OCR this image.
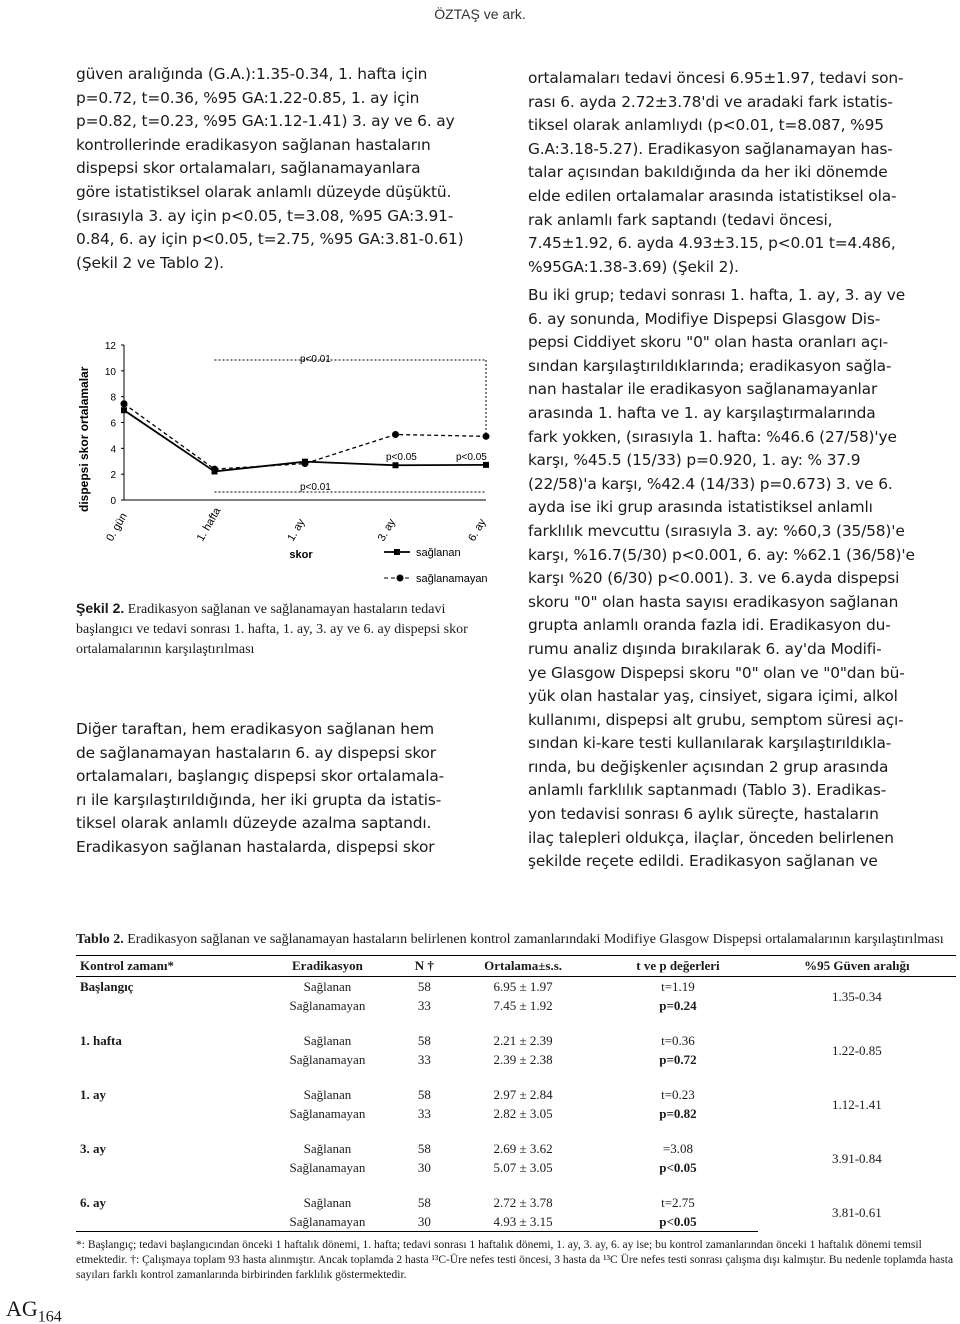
ÖZTAŞ ve ark.

güven aralığında (G.A.):1.35-0.34, 1. hafta için

p=0.72, t=0.36, %95 GA:1.22-0.85, 1. ay için

p=0.82, t=0.23, %95 GA:1.12-1.41) 3. ay ve 6. ay

kontrollerinde eradikasyon sağlanan hastaların

dispepsi skor ortalamaları, sağlanamayanlara

göre istatistiksel olarak anlamlı düzeyde düşüktü.

(sırasıyla 3. ay için p<0.05, t=3.08, %95 GA:3.91-

0.84, 6. ay için p<0.05, t=2.75, %95 GA:3.81-0.61)

(Şekil 2 ve Tablo 2).

12
10
8
6
4
2
0
dispepsi skor ortalamalar
0. gün	1. hafta	1. ay	3. ay	6. ay
skor
p<0.01
p<0.01
p<0.05	p<0.05
sağlanan
sağlanamayan
Şekil 2. Eradikasyon sağlanan ve sağlanamayan hastaların tedavi başlangıcı ve tedavi sonrası 1. hafta, 1. ay, 3. ay ve 6. ay dispepsi skor ortalamalarının karşılaştırılması

Diğer taraftan, hem eradikasyon sağlanan hem

de sağlanamayan hastaların 6. ay dispepsi skor

ortalamaları, başlangıç dispepsi skor ortalamala-

rı ile karşılaştırıldığında, her iki grupta da istatis-

tiksel olarak anlamlı düzeyde azalma saptandı.

Eradikasyon sağlanan hastalarda, dispepsi skor

ortalamaları tedavi öncesi 6.95±1.97, tedavi son-

rası 6. ayda 2.72±3.78'di ve aradaki fark istatis-

tiksel olarak anlamlıydı (p<0.01, t=8.087, %95

G.A:3.18-5.27). Eradikasyon sağlanamayan has-

talar açısından bakıldığında da her iki dönemde

elde edilen ortalamalar arasında istatistiksel ola-

rak anlamlı fark saptandı (tedavi öncesi,

7.45±1.92, 6. ayda 4.93±3.15, p<0.01 t=4.486,

%95GA:1.38-3.69) (Şekil 2).

Bu iki grup; tedavi sonrası 1. hafta, 1. ay, 3. ay ve

6. ay sonunda, Modifiye Dispepsi Glasgow Dis-

pepsi Ciddiyet skoru "0" olan hasta oranları açı-

sından karşılaştırıldıklarında; eradikasyon sağla-

nan hastalar ile eradikasyon sağlanamayanlar

arasında 1. hafta ve 1. ay karşılaştırmalarında

fark yokken, (sırasıyla 1. hafta: %46.6 (27/58)'ye

karşı, %45.5 (15/33) p=0.920, 1. ay: % 37.9

(22/58)'a karşı, %42.4 (14/33) p=0.673) 3. ve 6.

ayda ise iki grup arasında istatistiksel anlamlı

farklılık mevcuttu (sırasıyla 3. ay: %60,3 (35/58)'e

karşı, %16.7(5/30) p<0.001, 6. ay: %62.1 (36/58)'e

karşı %20 (6/30) p<0.001). 3. ve 6.ayda dispepsi

skoru "0" olan hasta sayısı eradikasyon sağlanan

grupta anlamlı oranda fazla idi. Eradikasyon du-

rumu analiz dışında bırakılarak 6. ay'da Modifi-

ye Glasgow Dispepsi skoru "0" olan ve "0"dan bü-

yük olan hastalar yaş, cinsiyet, sigara içimi, alkol

kullanımı, dispepsi alt grubu, semptom süresi açı-

sından ki-kare testi kullanılarak karşılaştırıldıkla-

rında, bu değişkenler açısından 2 grup arasında

anlamlı farklılık saptanmadı (Tablo 3). Eradikas-

yon tedavisi sonrası 6 aylık süreçte, hastaların

ilaç talepleri oldukça, ilaçlar, önceden belirlenen

şekilde reçete edildi. Eradikasyon sağlanan ve

Tablo 2. Eradikasyon sağlanan ve sağlanamayan hastaların belirlenen kontrol zamanlarındaki Modifiye Glasgow Dispepsi ortalamalarının karşılaştırılması
Kontrol zamanı*	Eradikasyon	N †	Ortalama±s.s.	t ve p değerleri	%95 Güven aralığı
Başlangıç	Sağlanan	58	6.95 ± 1.97	t=1.19	1.35-0.34
	Sağlanamayan	33	7.45 ± 1.92	p=0.24	

1. hafta	Sağlanan	58	2.21 ± 2.39	t=0.36	1.22-0.85
	Sağlanamayan	33	2.39 ± 2.38	p=0.72	

1. ay	Sağlanan	58	2.97 ± 2.84	t=0.23	1.12-1.41
	Sağlanamayan	33	2.82 ± 3.05	p=0.82	

3. ay	Sağlanan	58	2.69 ± 3.62	=3.08	3.91-0.84
	Sağlanamayan	30	5.07 ± 3.05	p<0.05	

6. ay	Sağlanan	58	2.72 ± 3.78	t=2.75	3.81-0.61
	Sağlanamayan	30	4.93 ± 3.15	p<0.05	

*: Başlangıç; tedavi başlangıcından önceki 1 haftalık dönemi, 1. hafta; tedavi sonrası 1 haftalık dönemi, 1. ay, 3. ay, 6. ay ise; bu kontrol zamanlarından önceki 1 haftalık dönemi temsil etmektedir. †: Çalışmaya toplam 93 hasta alınmıştır. Ancak toplamda 2 hasta ¹³C-Üre nefes testi öncesi, 3 hasta da ¹³C Üre nefes testi sonrası çalışma dışı kalmıştır. Bu nedenle toplamda hasta sayıları farklı kontrol zamanlarında birbirinden farklılık göstermektedir.

$AG_{164}$
